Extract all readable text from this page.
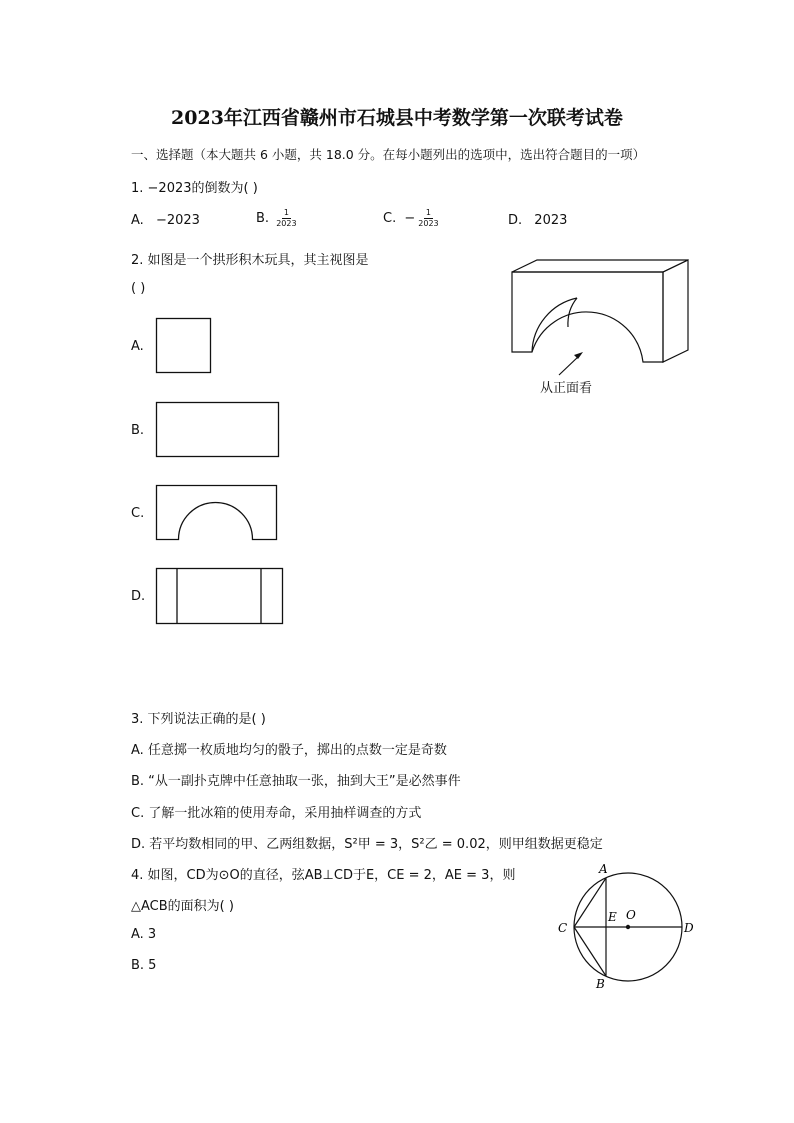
2023年江西省赣州市石城县中考数学第一次联考试卷
一、选择题（本大题共 6 小题，共 18.0 分。在每小题列出的选项中，选出符合题目的一项）
1. −2023的倒数为( )
A. −2023	B. $\frac{1}{2023}$	C. − $\frac{1}{2023}$	D. 2023
2. 如图是一个拱形积木玩具，其主视图是
( )
A.
B.
C.
D.
从正面看
3. 下列说法正确的是( )
A. 任意掷一枚质地均匀的骰子，掷出的点数一定是奇数
B. “从一副扑克牌中任意抽取一张，抽到大王”是必然事件
C. 了解一批冰箱的使用寿命，采用抽样调查的方式
D. 若平均数相同的甲、乙两组数据，S²甲 = 3，S²乙 = 0.02，则甲组数据更稳定
4. 如图，CD为⊙O的直径，弦AB⊥CD于E，CE = 2，AE = 3，则
△ACB的面积为( )
A. 3
B. 5
A
B
C	D
E O
